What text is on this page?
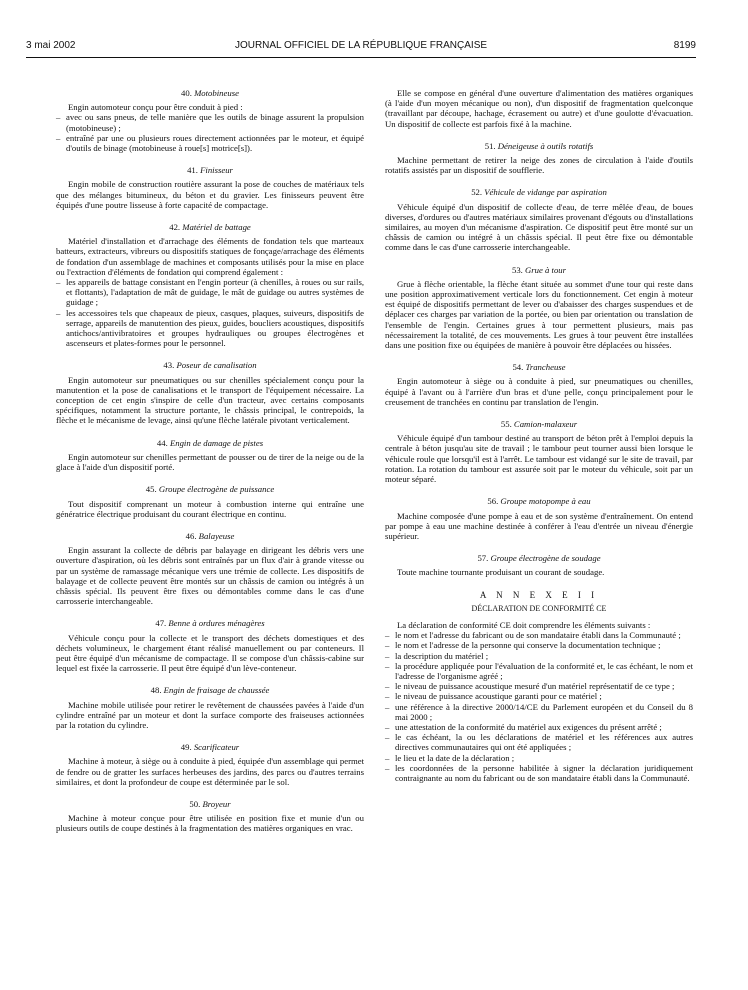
3 mai 2002	JOURNAL OFFICIEL DE LA RÉPUBLIQUE FRANÇAISE	8199
40. Motobineuse

Engin automoteur conçu pour être conduit à pied :

– avec ou sans pneus, de telle manière que les outils de binage assurent la propulsion (motobineuse) ;
– entraîné par une ou plusieurs roues directement actionnées par le moteur, et équipé d'outils de binage (motobineuse à roue[s] motrice[s]).
41. Finisseur

Engin mobile de construction routière assurant la pose de couches de matériaux tels que des mélanges bitumineux, du béton et du gravier. Les finisseurs peuvent être équipés d'une poutre lisseuse à forte capacité de compactage.

42. Matériel de battage

Matériel d'installation et d'arrachage des éléments de fondation tels que marteaux batteurs, extracteurs, vibreurs ou dispositifs statiques de fonçage/arrachage des éléments de fondation d'un assemblage de machines et composants utilisés pour la mise en place ou l'extraction d'éléments de fondation qui comprend également :

– les appareils de battage consistant en l'engin porteur (à chenilles, à roues ou sur rails, et flottants), l'adaptation de mât de guidage, le mât de guidage ou autres systèmes de guidage ;
– les accessoires tels que chapeaux de pieux, casques, plaques, suiveurs, dispositifs de serrage, appareils de manutention des pieux, guides, boucliers acoustiques, dispositifs antichocs/antivibratoires et groupes hydrauliques ou groupes électrogènes et ascenseurs et plates-formes pour le personnel.
43. Poseur de canalisation

Engin automoteur sur pneumatiques ou sur chenilles spécialement conçu pour la manutention et la pose de canalisations et le transport de l'équipement nécessaire. La conception de cet engin s'inspire de celle d'un tracteur, avec certains composants spécifiques, notamment la structure portante, le châssis principal, le contrepoids, la flèche et le mécanisme de levage, ainsi qu'une flèche latérale pivotant verticalement.

44. Engin de damage de pistes

Engin automoteur sur chenilles permettant de pousser ou de tirer de la neige ou de la glace à l'aide d'un dispositif porté.

45. Groupe électrogène de puissance

Tout dispositif comprenant un moteur à combustion interne qui entraîne une génératrice électrique produisant du courant électrique en continu.

46. Balayeuse

Engin assurant la collecte de débris par balayage en dirigeant les débris vers une ouverture d'aspiration, où les débris sont entraînés par un flux d'air à grande vitesse ou par un système de ramassage mécanique vers une trémie de collecte. Les dispositifs de balayage et de collecte peuvent être montés sur un châssis de camion ou intégrés à un châssis spécial. Ils peuvent être fixes ou démontables comme dans le cas d'une carrosserie interchangeable.

47. Benne à ordures ménagères

Véhicule conçu pour la collecte et le transport des déchets domestiques et des déchets volumineux, le chargement étant réalisé manuellement ou par conteneurs. Il peut être équipé d'un mécanisme de compactage. Il se compose d'un châssis-cabine sur lequel est fixée la carrosserie. Il peut être équipé d'un lève-conteneur.

48. Engin de fraisage de chaussée

Machine mobile utilisée pour retirer le revêtement de chaussées pavées à l'aide d'un cylindre entraîné par un moteur et dont la surface comporte des fraiseuses actionnées par la rotation du cylindre.

49. Scarificateur

Machine à moteur, à siège ou à conduite à pied, équipée d'un assemblage qui permet de fendre ou de gratter les surfaces herbeuses des jardins, des parcs ou d'autres terrains similaires, et dont la profondeur de coupe est déterminée par le sol.

50. Broyeur

Machine à moteur conçue pour être utilisée en position fixe et munie d'un ou plusieurs outils de coupe destinés à la fragmentation des matières organiques en vrac.

Elle se compose en général d'une ouverture d'alimentation des matières organiques (à l'aide d'un moyen mécanique ou non), d'un dispositif de fragmentation quelconque (travaillant par découpe, hachage, écrasement ou autre) et d'une goulotte d'évacuation. Un dispositif de collecte est parfois fixé à la machine.

51. Déneigeuse à outils rotatifs

Machine permettant de retirer la neige des zones de circulation à l'aide d'outils rotatifs assistés par un dispositif de soufflerie.

52. Véhicule de vidange par aspiration

Véhicule équipé d'un dispositif de collecte d'eau, de terre mêlée d'eau, de boues diverses, d'ordures ou d'autres matériaux similaires provenant d'égouts ou d'installations similaires, au moyen d'un mécanisme d'aspiration. Ce dispositif peut être monté sur un châssis de camion ou intégré à un châssis spécial. Il peut être fixe ou démontable comme dans le cas d'une carrosserie interchangeable.

53. Grue à tour

Grue à flèche orientable, la flèche étant située au sommet d'une tour qui reste dans une position approximativement verticale lors du fonctionnement. Cet engin à moteur est équipé de dispositifs permettant de lever ou d'abaisser des charges suspendues et de déplacer ces charges par variation de la portée, ou bien par orientation ou translation de l'ensemble de l'engin. Certaines grues à tour permettent plusieurs, mais pas nécessairement la totalité, de ces mouvements. Les grues à tour peuvent être installées dans une position fixe ou équipées de manière à pouvoir être déplacées ou hissées.

54. Trancheuse

Engin automoteur à siège ou à conduite à pied, sur pneumatiques ou chenilles, équipé à l'avant ou à l'arrière d'un bras et d'une pelle, conçu principalement pour le creusement de tranchées en continu par translation de l'engin.

55. Camion-malaxeur

Véhicule équipé d'un tambour destiné au transport de béton prêt à l'emploi depuis la centrale à béton jusqu'au site de travail ; le tambour peut tourner aussi bien lorsque le véhicule roule que lorsqu'il est à l'arrêt. Le tambour est vidangé sur le site de travail, par rotation. La rotation du tambour est assurée soit par le moteur du véhicule, soit par un moteur séparé.

56. Groupe motopompe à eau

Machine composée d'une pompe à eau et de son système d'entraînement. On entend par pompe à eau une machine destinée à conférer à l'eau d'entrée un niveau d'énergie supérieur.

57. Groupe électrogène de soudage

Toute machine tournante produisant un courant de soudage.

A N N E X E I I
DÉCLARATION DE CONFORMITÉ CE

La déclaration de conformité CE doit comprendre les éléments suivants :

– le nom et l'adresse du fabricant ou de son mandataire établi dans la Communauté ;
– le nom et l'adresse de la personne qui conserve la documentation technique ;
– la description du matériel ;
– la procédure appliquée pour l'évaluation de la conformité et, le cas échéant, le nom et l'adresse de l'organisme agréé ;
– le niveau de puissance acoustique mesuré d'un matériel représentatif de ce type ;
– le niveau de puissance acoustique garanti pour ce matériel ;
– une référence à la directive 2000/14/CE du Parlement européen et du Conseil du 8 mai 2000 ;
– une attestation de la conformité du matériel aux exigences du présent arrêté ;
– le cas échéant, la ou les déclarations de matériel et les références aux autres directives communautaires qui ont été appliquées ;
– le lieu et la date de la déclaration ;
– les coordonnées de la personne habilitée à signer la déclaration juridiquement contraignante au nom du fabricant ou de son mandataire établi dans la Communauté.
